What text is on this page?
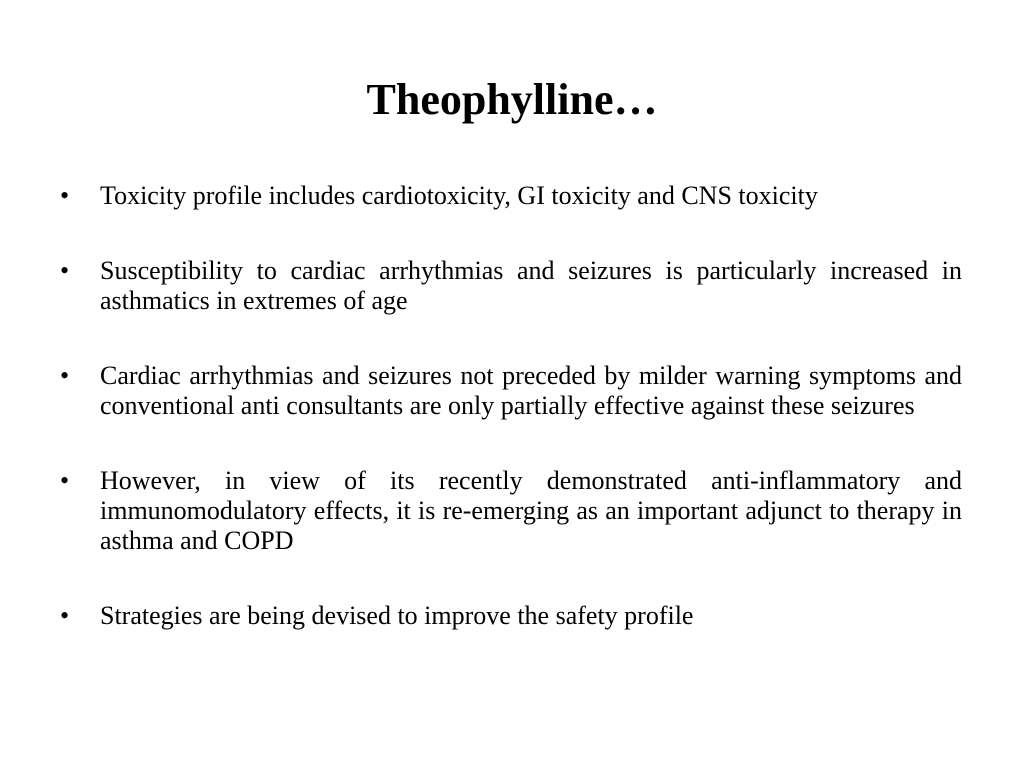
Theophylline…
•	Toxicity profile includes cardiotoxicity, GI toxicity and CNS toxicity
•	Susceptibility to cardiac arrhythmias and seizures is particularly increased in asthmatics in extremes of age
•	Cardiac arrhythmias and seizures not preceded by milder warning symptoms and conventional anti consultants are only partially effective against these seizures
•	However, in view of its recently demonstrated anti-inflammatory and immunomodulatory effects, it is re-emerging as an important adjunct to therapy in asthma and COPD
•	Strategies are being devised to improve the safety profile
